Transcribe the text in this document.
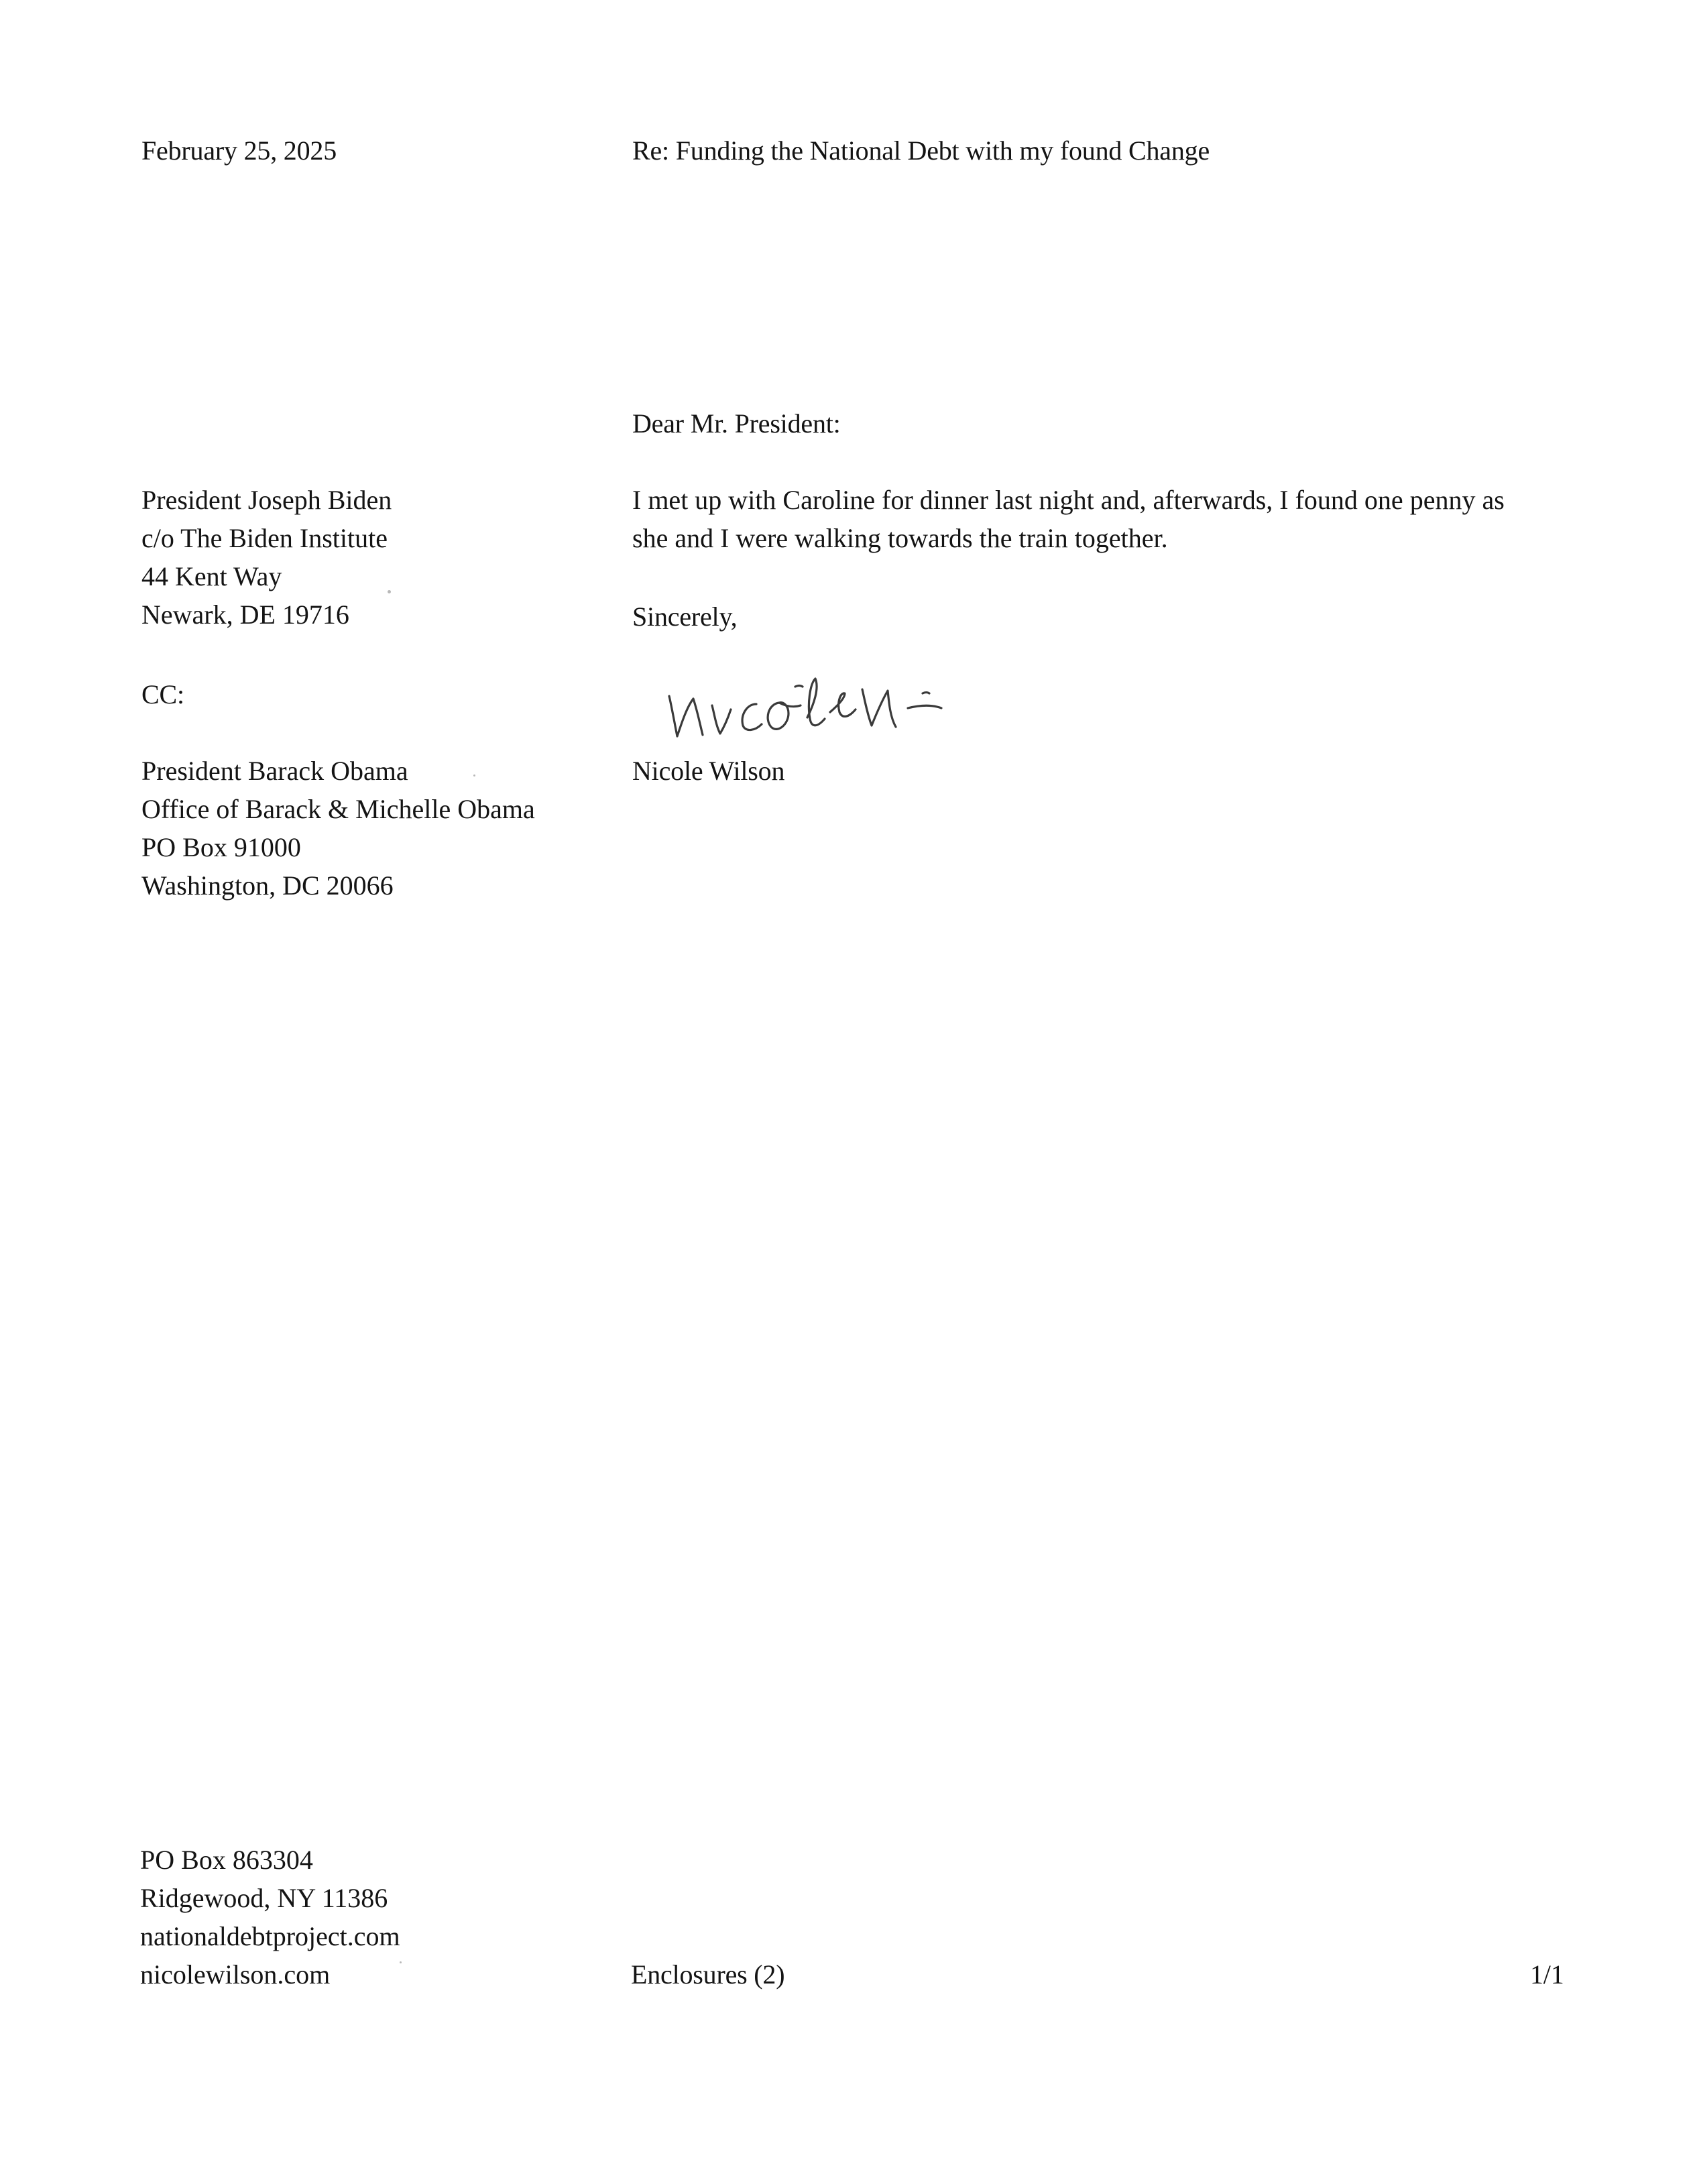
February 25, 2025	Re: Funding the National Debt with my found Change
Dear Mr. President:
President Joseph Biden
c/o The Biden Institute
44 Kent Way
Newark, DE 19716
I met up with Caroline for dinner last night and, afterwards, I found one penny as
she and I were walking towards the train together.
Sincerely,
CC:
Nicole Wilson
President Barack Obama
Office of Barack & Michelle Obama
PO Box 91000
Washington, DC 20066
PO Box 863304
Ridgewood, NY 11386
nationaldebtproject.com
nicolewilson.com	Enclosures (2)	1/1
